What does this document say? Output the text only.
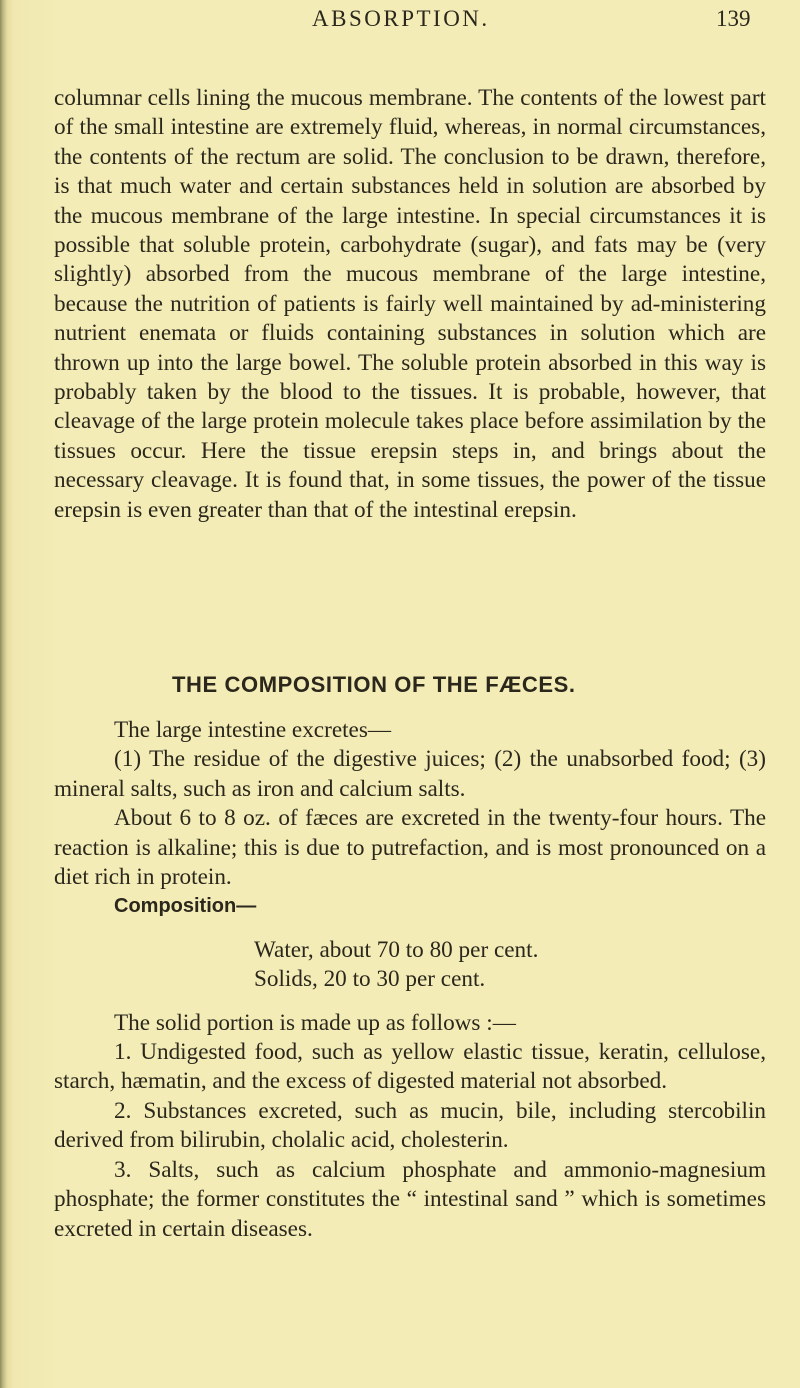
ABSORPTION.	139

columnar cells lining the mucous membrane. The contents of the lowest part of the small intestine are extremely fluid, whereas, in normal circumstances, the contents of the rectum are solid. The conclusion to be drawn, therefore, is that much water and certain substances held in solution are absorbed by the mucous membrane of the large intestine. In special circumstances it is possible that soluble protein, carbohydrate (sugar), and fats may be (very slightly) absorbed from the mucous membrane of the large intestine, because the nutrition of patients is fairly well maintained by ad-ministering nutrient enemata or fluids containing substances in solution which are thrown up into the large bowel. The soluble protein absorbed in this way is probably taken by the blood to the tissues. It is probable, however, that cleavage of the large protein molecule takes place before assimilation by the tissues occur. Here the tissue erepsin steps in, and brings about the necessary cleavage. It is found that, in some tissues, the power of the tissue erepsin is even greater than that of the intestinal erepsin.

THE COMPOSITION OF THE FÆCES.

The large intestine excretes—

(1) The residue of the digestive juices; (2) the unabsorbed food; (3) mineral salts, such as iron and calcium salts.

About 6 to 8 oz. of fæces are excreted in the twenty-four hours. The reaction is alkaline; this is due to putrefaction, and is most pronounced on a diet rich in protein.

Composition—

Water, about 70 to 80 per cent.

Solids, 20 to 30 per cent.

The solid portion is made up as follows :—

1. Undigested food, such as yellow elastic tissue, keratin, cellulose, starch, hæmatin, and the excess of digested material not absorbed.

2. Substances excreted, such as mucin, bile, including stercobilin derived from bilirubin, cholalic acid, cholesterin.

3. Salts, such as calcium phosphate and ammonio-magnesium phosphate; the former constitutes the “ intestinal sand ” which is sometimes excreted in certain diseases.
